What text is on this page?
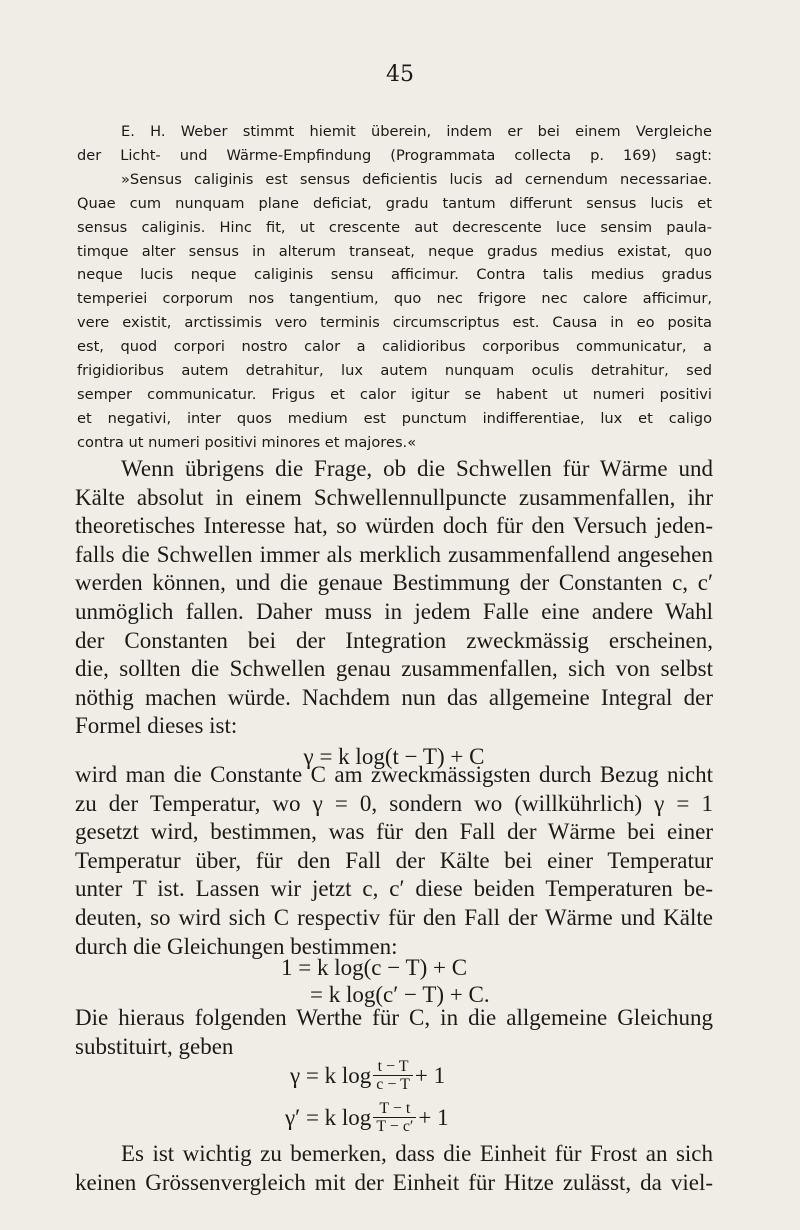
45
E. H. Weber stimmt hiemit überein, indem er bei einem Vergleiche
der Licht- und Wärme-Empfindung (Programmata collecta p. 169) sagt:
»Sensus caliginis est sensus deficientis lucis ad cernendum necessariae.
Quae cum nunquam plane deficiat, gradu tantum differunt sensus lucis et
sensus caliginis. Hinc fit, ut crescente aut decrescente luce sensim paula-
timque alter sensus in alterum transeat, neque gradus medius existat, quo
neque lucis neque caliginis sensu afficimur. Contra talis medius gradus
temperiei corporum nos tangentium, quo nec frigore nec calore afficimur,
vere existit, arctissimis vero terminis circumscriptus est. Causa in eo posita
est, quod corpori nostro calor a calidioribus corporibus communicatur, a
frigidioribus autem detrahitur, lux autem nunquam oculis detrahitur, sed
semper communicatur. Frigus et calor igitur se habent ut numeri positivi
et negativi, inter quos medium est punctum indifferentiae, lux et caligo
contra ut numeri positivi minores et majores.«
Wenn übrigens die Frage, ob die Schwellen für Wärme und
Kälte absolut in einem Schwellennullpuncte zusammenfallen, ihr
theoretisches Interesse hat, so würden doch für den Versuch jeden-
falls die Schwellen immer als merklich zusammenfallend angesehen
werden können, und die genaue Bestimmung der Constanten c, c′
unmöglich fallen. Daher muss in jedem Falle eine andere Wahl
der Constanten bei der Integration zweckmässig erscheinen,
die, sollten die Schwellen genau zusammenfallen, sich von selbst
nöthig machen würde. Nachdem nun das allgemeine Integral der
Formel dieses ist:
γ = k log(t − T) + C
wird man die Constante C am zweckmässigsten durch Bezug nicht
zu der Temperatur, wo γ = 0, sondern wo (willkührlich) γ = 1
gesetzt wird, bestimmen, was für den Fall der Wärme bei einer
Temperatur über, für den Fall der Kälte bei einer Temperatur
unter T ist. Lassen wir jetzt c, c′ diese beiden Temperaturen be-
deuten, so wird sich C respectiv für den Fall der Wärme und Kälte
durch die Gleichungen bestimmen:
1 = k log(c − T) + C
= k log(c′ − T) + C.
Die hieraus folgenden Werthe für C, in die allgemeine Gleichung
substituirt, geben
γ = k $\log \frac{t - T}{c - T} + 1$
γ′ = k $\log \frac{T - t}{T - c'} + 1$
Es ist wichtig zu bemerken, dass die Einheit für Frost an sich
keinen Grössenvergleich mit der Einheit für Hitze zulässt, da viel-
